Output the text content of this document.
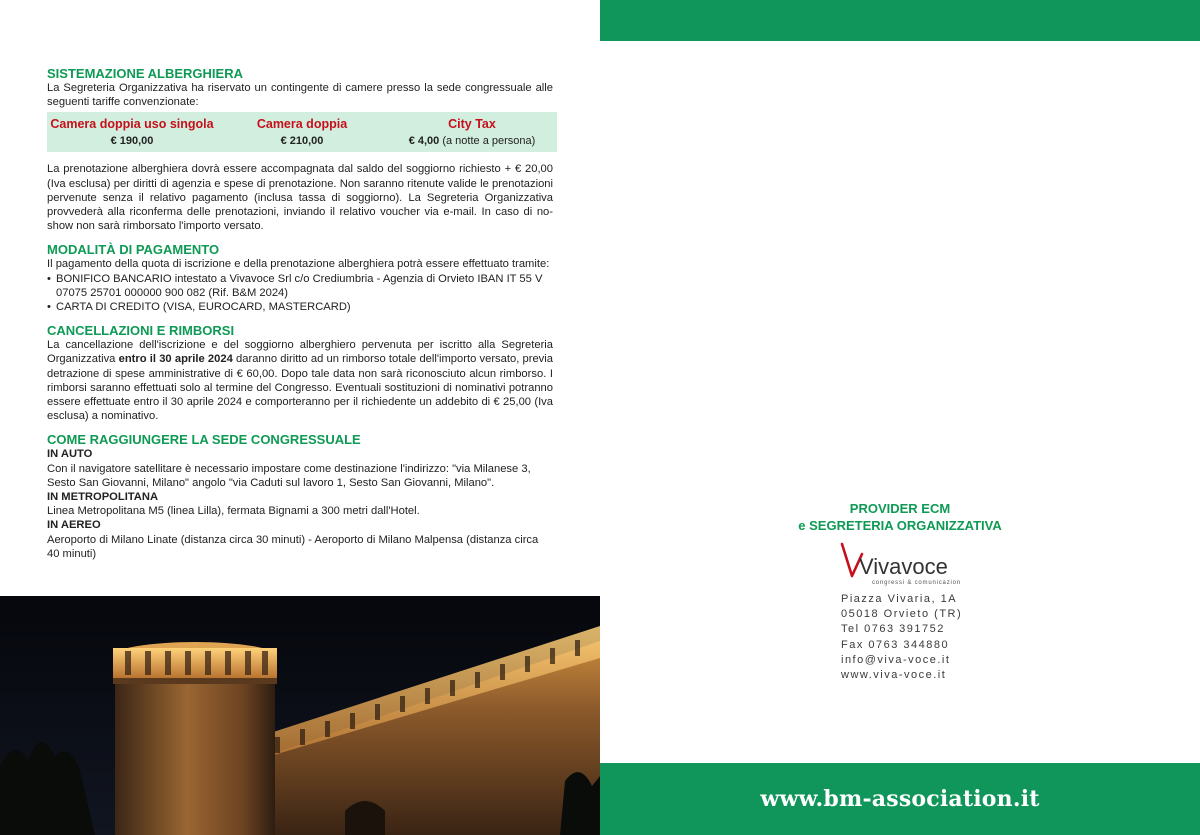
SISTEMAZIONE ALBERGHIERA

La Segreteria Organizzativa ha riservato un contingente di camere presso la sede congressuale alle seguenti tariffe convenzionate:

Camera doppia uso singola
€ 190,00
Camera doppia
€ 210,00
City Tax
€ 4,00 (a notte a persona)

La prenotazione alberghiera dovrà essere accompagnata dal saldo del soggiorno richiesto + € 20,00 (Iva esclusa) per diritti di agenzia e spese di prenotazione. Non saranno ritenute valide le prenotazioni pervenute senza il relativo pagamento (inclusa tassa di soggiorno). La Segreteria Organizzativa provvederà alla riconferma delle prenotazioni, inviando il relativo voucher via e-mail. In caso di no-show non sarà rimborsato l'importo versato.

MODALITÀ DI PAGAMENTO

Il pagamento della quota di iscrizione e della prenotazione alberghiera potrà essere effettuato tramite:

• BONIFICO BANCARIO intestato a Vivavoce Srl c/o Crediumbria - Agenzia di Orvieto IBAN IT 55 V 07075 25701 000000 900 082 (Rif. B&M 2024)
• CARTA DI CREDITO (VISA, EUROCARD, MASTERCARD)
CANCELLAZIONI E RIMBORSI

La cancellazione dell'iscrizione e del soggiorno alberghiero pervenuta per iscritto alla Segreteria Organizzativa entro il 30 aprile 2024 daranno diritto ad un rimborso totale dell'importo versato, previa detrazione di spese amministrative di € 60,00. Dopo tale data non sarà riconosciuto alcun rimborso. I rimborsi saranno effettuati solo al termine del Congresso. Eventuali sostituzioni di nominativi potranno essere effettuate entro il 30 aprile 2024 e comporteranno per il richiedente un addebito di € 25,00 (Iva esclusa) a nominativo.

COME RAGGIUNGERE LA SEDE CONGRESSUALE

IN AUTO

Con il navigatore satellitare è necessario impostare come destinazione l'indirizzo: "via Milanese 3, Sesto San Giovanni, Milano" angolo "via Caduti sul lavoro 1, Sesto San Giovanni, Milano".

IN METROPOLITANA

Linea Metropolitana M5 (linea Lilla), fermata Bignami a 300 metri dall'Hotel.

IN AEREO

Aeroporto di Milano Linate (distanza circa 30 minuti) - Aeroporto di Milano Malpensa (distanza circa 40 minuti)

PROVIDER ECM
e SEGRETERIA ORGANIZZATIVA
Vivavoce
congressi & comunicazione
Piazza Vivaria, 1A
05018 Orvieto (TR)
Tel 0763 391752
Fax 0763 344880
info@viva-voce.it
www.viva-voce.it
www.bm-association.it
